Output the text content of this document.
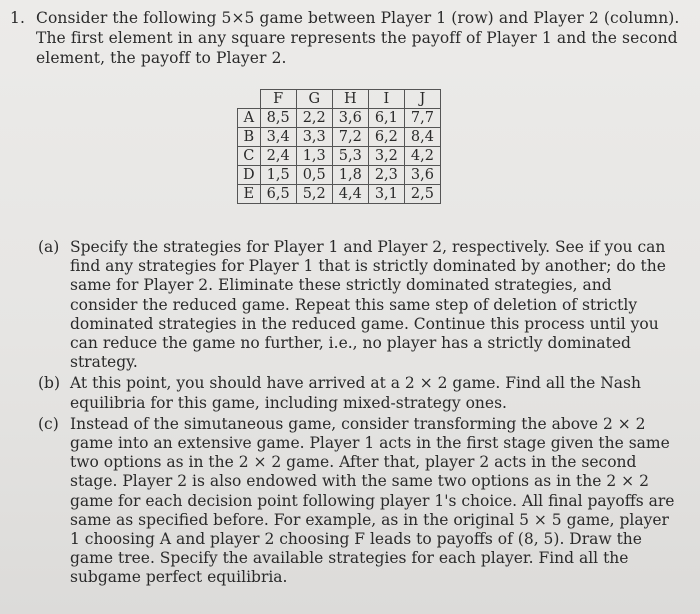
1. Consider the following 5×5 game between Player 1 (row) and Player 2 (column). The first element in any square represents the payoff of Player 1 and the second element, the payoff to Player 2.
	F	G	H	I	J
A	8,5	2,2	3,6	6,1	7,7
B	3,4	3,3	7,2	6,2	8,4
C	2,4	1,3	5,3	3,2	4,2
D	1,5	0,5	1,8	2,3	3,6
E	6,5	5,2	4,4	3,1	2,5
(a) Specify the strategies for Player 1 and Player 2, respectively. See if you can find any strategies for Player 1 that is strictly dominated by another; do the same for Player 2. Eliminate these strictly dominated strategies, and consider the reduced game. Repeat this same step of deletion of strictly dominated strategies in the reduced game. Continue this process until you can reduce the game no further, i.e., no player has a strictly dominated strategy.
(b) At this point, you should have arrived at a 2 × 2 game. Find all the Nash equilibria for this game, including mixed-strategy ones.
(c) Instead of the simutaneous game, consider transforming the above 2 × 2 game into an extensive game. Player 1 acts in the first stage given the same two options as in the 2 × 2 game. After that, player 2 acts in the second stage. Player 2 is also endowed with the same two options as in the 2 × 2 game for each decision point following player 1's choice. All final payoffs are same as specified before. For example, as in the original 5 × 5 game, player 1 choosing A and player 2 choosing F leads to payoffs of (8, 5). Draw the game tree. Specify the available strategies for each player. Find all the subgame perfect equilibria.
